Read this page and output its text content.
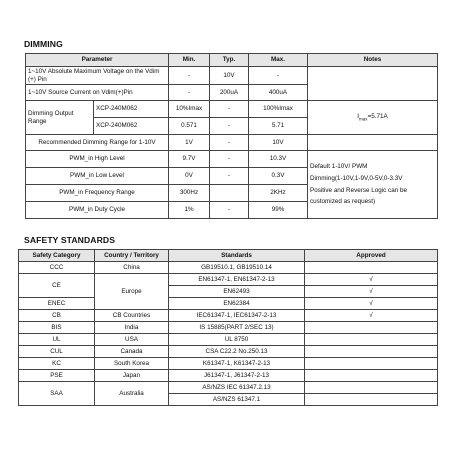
DIMMING
Parameter		Min.	Typ.	Max.	Notes
1~10V Absolute Maximum Voltage on the Vdim (+) Pin		-	10V	-	
1~10V Source Current on Vdim(+)Pin		-	200uA	400uA	
Dimming Output Range	XCP-240M062	10%Imax	-	100%Imax	$I_{max}=5.71A$
	XCP-240M062	0.571	-	5.71	
Recommended Dimming Range for 1-10V		1V	-	10V	
PWM_in High Level		9.7V	-	10.3V	Default 1-10V/ PWM
Dimming(1-10V,1-9V,0-5V,0-3.3V
Positive and Reverse Logic can be
customized as request)

PWM_in Low Level		0V	-	0.3V	
PWM_in Frequency Range		300Hz		2KHz	
PWM_in Duty Cycle		1%	-	99%	
SAFETY STANDARDS
Safety Category	Country / Territory	Standards	Approved
CCC	China	GB19510.1, GB19510.14	
CE	Europe	EN61347-1, EN61347-2-13	√
		EN62493	√
ENEC		EN62384	√
CB	CB Countries	IEC61347-1, IEC61347-2-13	√
BIS	India	IS 15885(PART 2/SEC 13)	
UL	USA	UL 8750	
CUL	Canada	CSA C22.2 No.250.13	
KC	South Korea	K61347-1, K61347-2-13	
PSE	Japan	J61347-1, J61347-2-13	
SAA	Australia	AS/NZS IEC 61347.2.13	
		AS/NZS 61347.1	
